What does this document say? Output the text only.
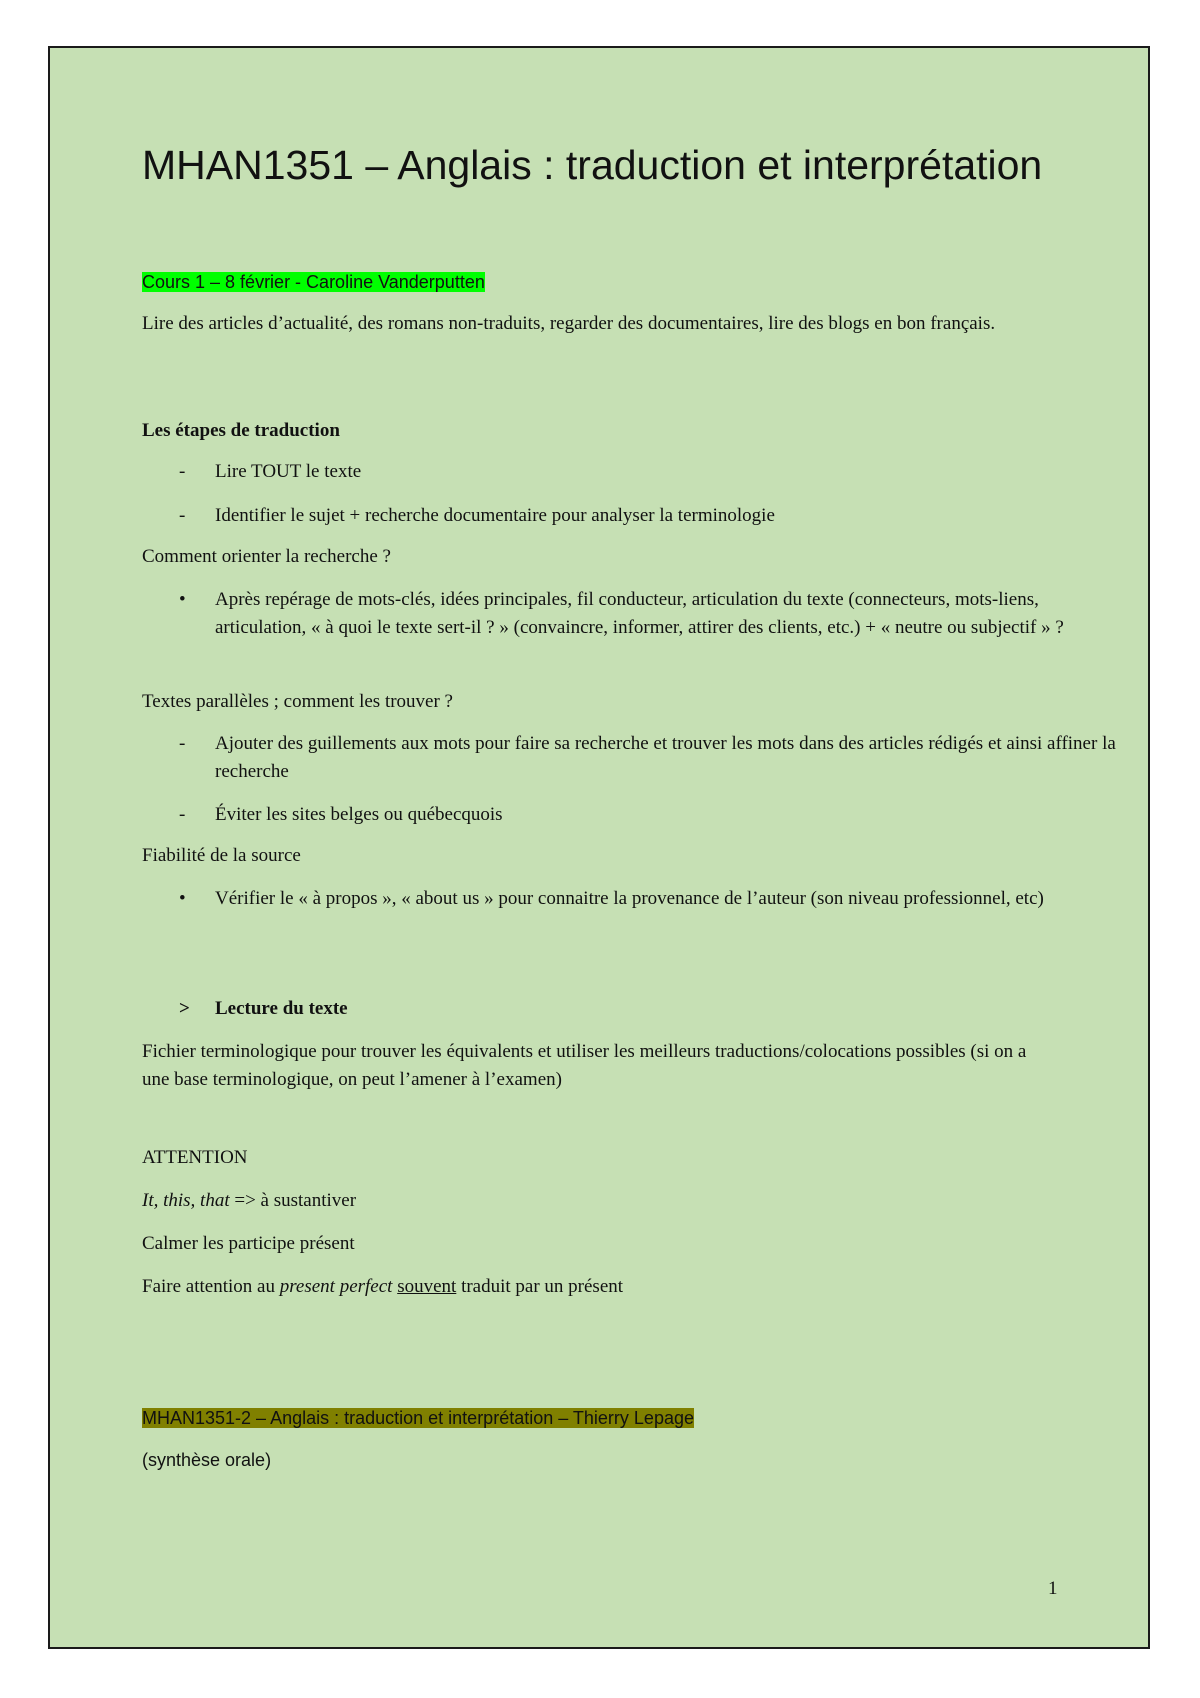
MHAN1351 – Anglais : traduction et interprétation

Cours 1 – 8 février - Caroline Vanderputten

Lire des articles d’actualité, des romans non-traduits, regarder des documentaires, lire des blogs en bon français.

Les étapes de traduction

- Lire TOUT le texte
- Identifier le sujet + recherche documentaire pour analyser la terminologie

Comment orienter la recherche ?

• Après repérage de mots-clés, idées principales, fil conducteur, articulation du texte (connecteurs, mots-liens, articulation, « à quoi le texte sert-il ? » (convaincre, informer, attirer des clients, etc.) + « neutre ou subjectif » ?

Textes parallèles ; comment les trouver ?

- Ajouter des guillements aux mots pour faire sa recherche et trouver les mots dans des articles rédigés et ainsi affiner la recherche
- Éviter les sites belges ou québecquois

Fiabilité de la source

• Vérifier le « à propos », « about us » pour connaitre la provenance de l’auteur (son niveau professionnel, etc)
> Lecture du texte

Fichier terminologique pour trouver les équivalents et utiliser les meilleurs traductions/colocations possibles (si on a une base terminologique, on peut l’amener à l’examen)

ATTENTION

It, this, that => à sustantiver

Calmer les participe présent

Faire attention au present perfect souvent traduit par un présent

MHAN1351-2 – Anglais : traduction et interprétation – Thierry Lepage

(synthèse orale)

1
